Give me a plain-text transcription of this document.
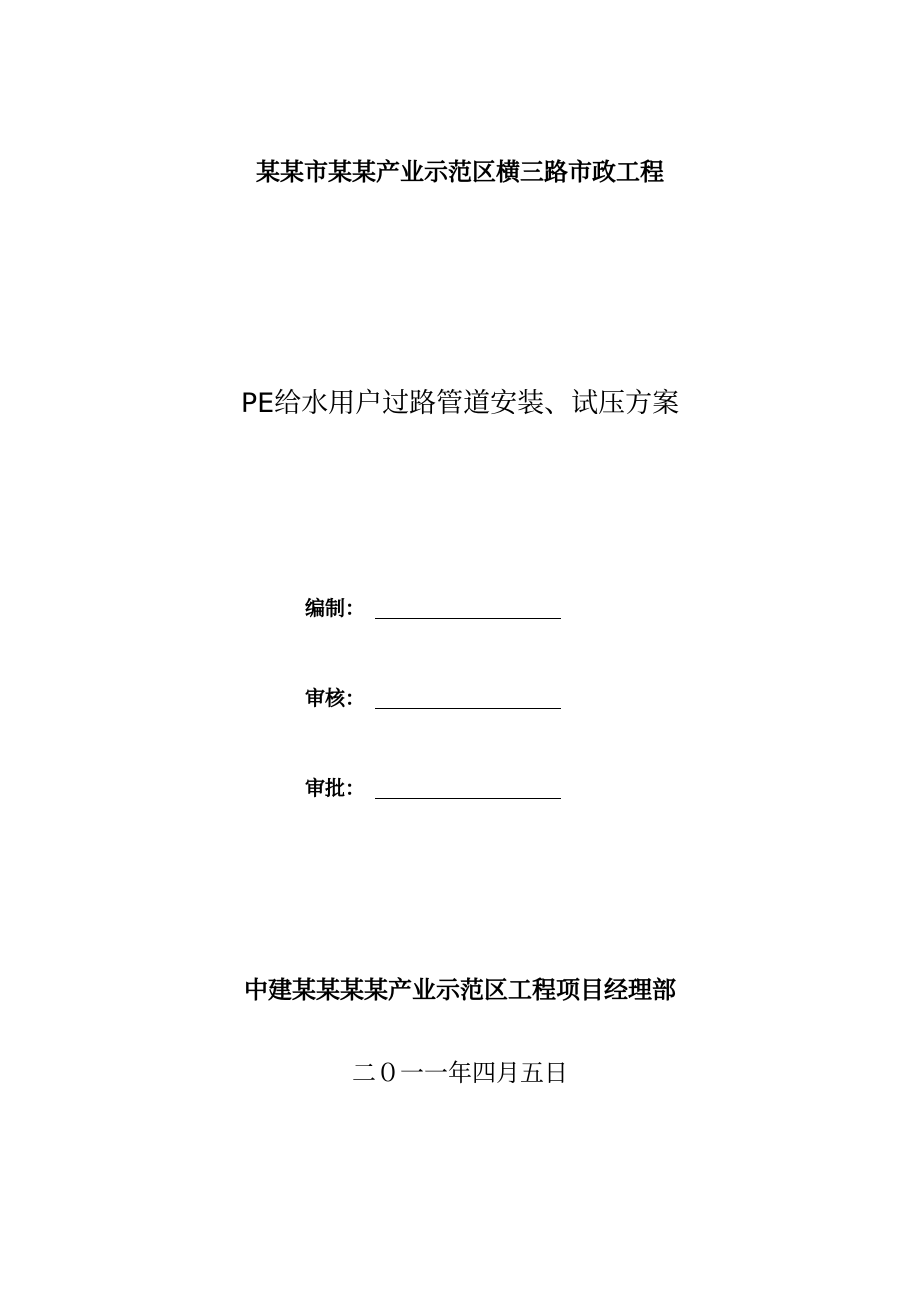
某某市某某产业示范区横三路市政工程
PE给水用户过路管道安装、试压方案
编制：
审核：
审批：
中建某某某某产业示范区工程项目经理部
二０一一年四月五日
